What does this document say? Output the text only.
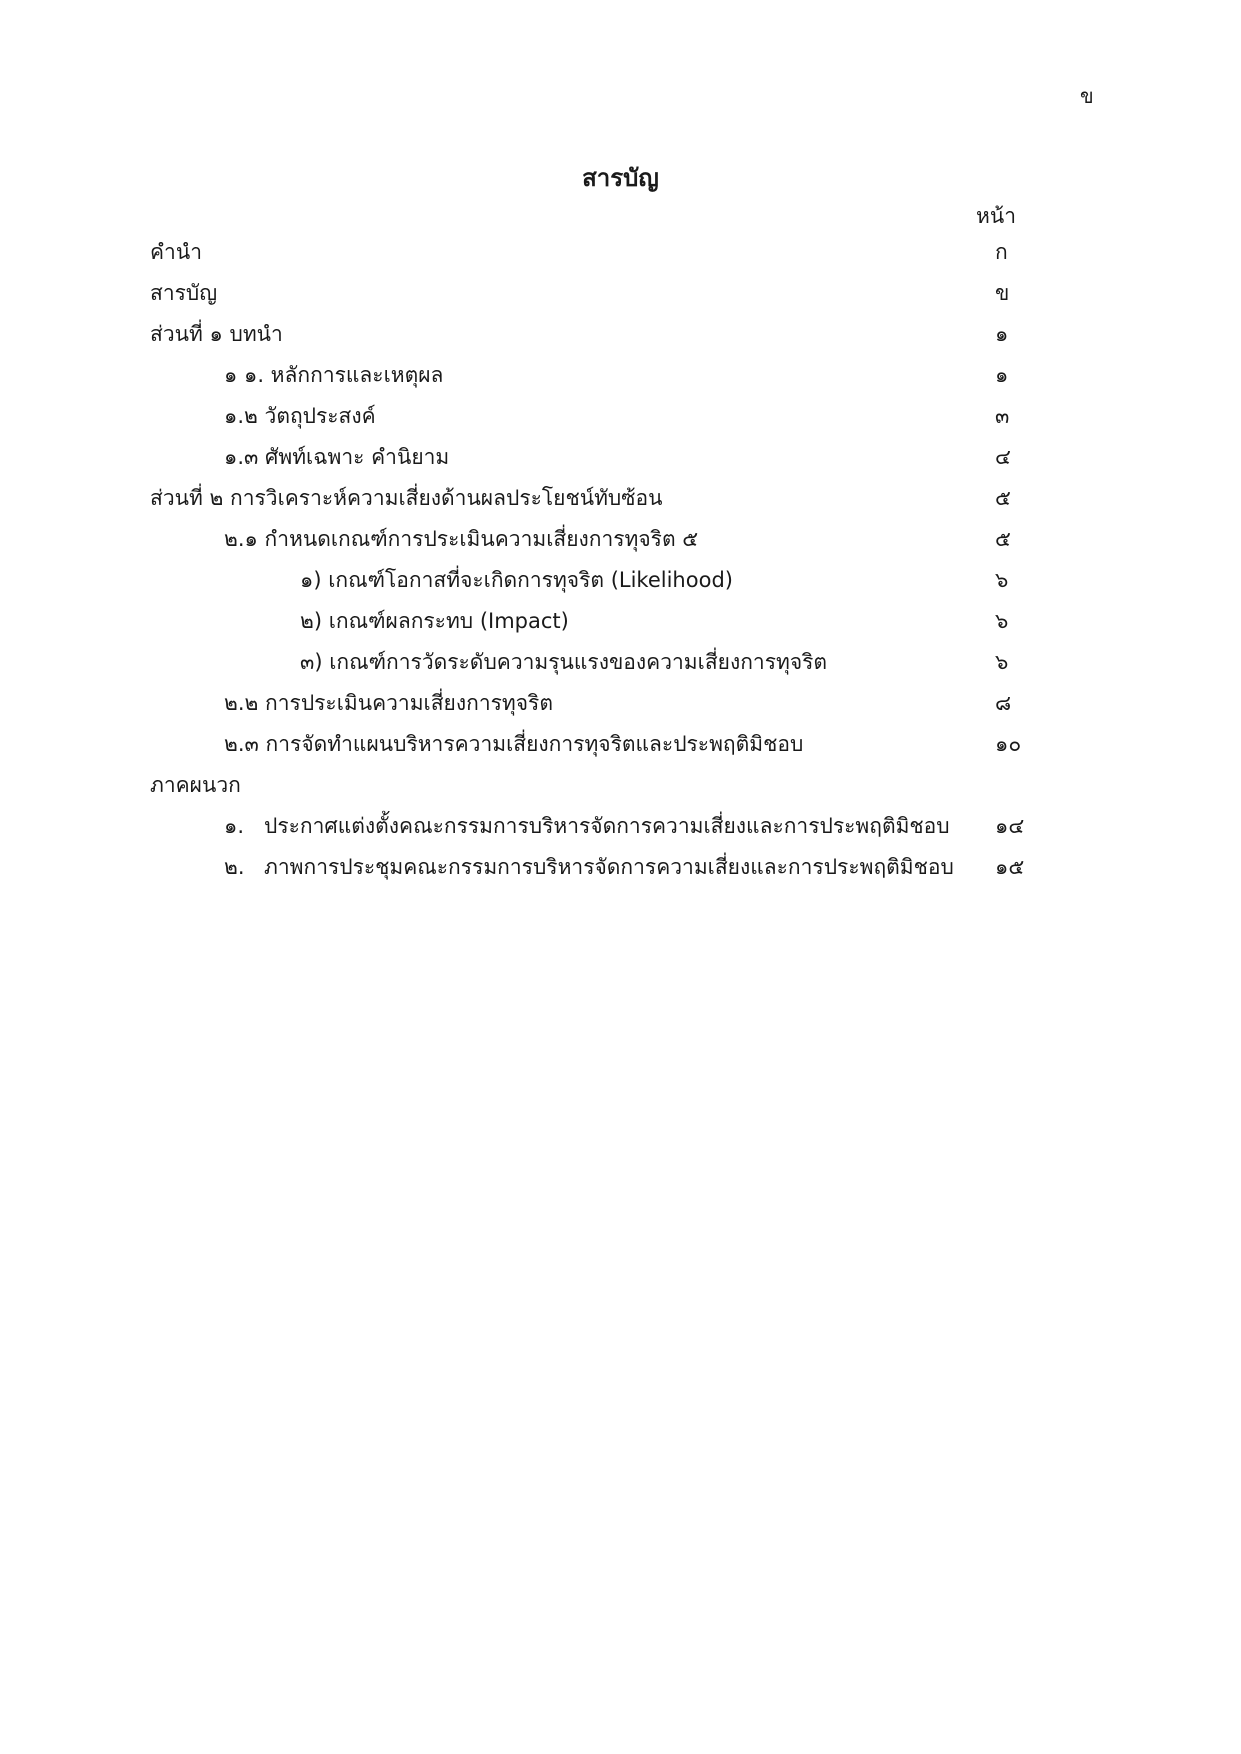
ข
สารบัญ
หน้า
คำนำ	ก
สารบัญ	ข
ส่วนที่ ๑ บทนำ	๑
๑ ๑. หลักการและเหตุผล	๑
๑.๒ วัตถุประสงค์	๓
๑.๓ ศัพท์เฉพาะ คำนิยาม	๔
ส่วนที่ ๒ การวิเคราะห์ความเสี่ยงด้านผลประโยชน์ทับซ้อน	๕
๒.๑ กำหนดเกณฑ์การประเมินความเสี่ยงการทุจริต ๕	๕
๑) เกณฑ์โอกาสที่จะเกิดการทุจริต (Likelihood)	๖
๒) เกณฑ์ผลกระทบ (Impact)	๖
๓) เกณฑ์การวัดระดับความรุนแรงของความเสี่ยงการทุจริต	๖
๒.๒ การประเมินความเสี่ยงการทุจริต	๘
๒.๓ การจัดทำแผนบริหารความเสี่ยงการทุจริตและประพฤติมิชอบ	๑๐
ภาคผนวก
๑. ประกาศแต่งตั้งคณะกรรมการบริหารจัดการความเสี่ยงและการประพฤติมิชอบ ๑๔
๒. ภาพการประชุมคณะกรรมการบริหารจัดการความเสี่ยงและการประพฤติมิชอบ ๑๕
